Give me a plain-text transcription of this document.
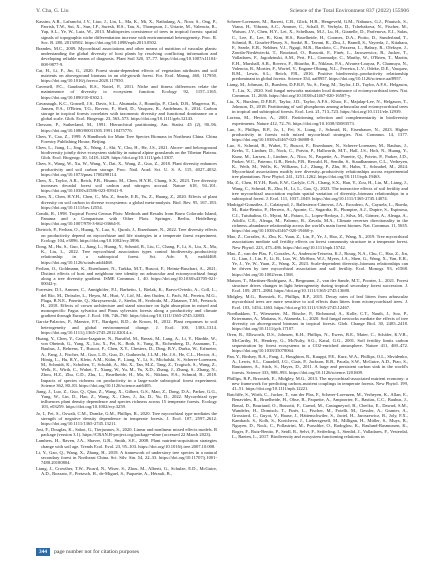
Y. Cha, G. Liu	Science of the Total Environment 837 (2022) 155906

Kassim, A.R., Lafranchi, J.V., Liao, J., Lin, L., Ma, K., Mi, X., Nathalang, A., Noor, S., Ong, P., Parrish, T.W., Sui, X., Sun, I.F., Suresh, H.S., Tan, S., Thompson, J., Uriarte, M., Valencia, R., Yap, S.L., Ye, W., Lutz, W., 2013. Multispecies coexistence of trees in tropical forests: spatial signals of topographic niche differentiation increase with environmental heterogeneity. Proc. R. Soc. B. 280, 20130502. https://doi.org/10.1098/rspb.2013.0502.

Brandes, M.C., 2009. Mycorrhizal associations and other means of nutrition of vascular plants: understanding the global diversity of host plants by resolving conflicting information and developing reliable means of diagnosis. Plant Soil 320, 37–77. https://doi.org/10.1007/s11104-008-9877-9.

Cai, H., Li, F., Jin, G., 2020. Forest strata-dependent effects of vegetation attributes and soil nutrients on aboveground biomass in an old-growth forest. For. Ecol. Manag. 460, 117950. https://doi.org/10.1016/j.foreco.2020.117950.

Cavenell, P.C., Gaudrault, R.S., Nottel, P., 2011. Niche and fitness differences relate the maintenance of diversity to ecosystem function. Ecology 92, 1157–1165. https://doi.org/10.1890/10-0302.1.

Cavanaugh, K.C., Gosnell, J.S., Davis, S.L., Ahumada, J., Boundja, P., Clark, D.B., Mugerwa, B., Jansen, P.A., O'Brien, T.G., Rovero, F., Sheil, D., Vasquez, R., Andelman, S., 2014. Carbon storage in tropical forests correlates with taxonomic diversity and functional dominance on a global scale. Glob. Ecol. Biogeogr. 23, 563–573. https://doi.org/10.1111/geb.12143.

Chesson, P., Sutherland, M., 1991. Hierarchical partitioning. Am. Statist. 45 (2), 90–96. https://doi.org/10.1080/00031305.1991.10475776.

Chen, Y., Cao, Z., 1999. A Handbook for Main Tree Species Biomass in Northeast China. China Forestry Publishing House, Beijing.

Chen, L., Jiang, L., Jing, X., Wang, J., Shi, Y., Chu, H., He, J.S., 2021. Above- and belowground biodiversity jointly drive ecosystem stability in natural alpine grasslands on the Tibetan Plateau. Glob. Ecol. Biogeogr. 30, 1418–1429. https://doi.org/10.1111/geb.13307.

Chen, S., Wang, W., Xu, W., Wang, Y., Dai, X., Wang, Z., Guo, Z., 2018. Plant diversity enhances productivity and soil carbon storage. Proc. Natl. Acad. Sci. U. S. A. 115, 4027–4032. https://doi.org/10.1073/pnas.1700298114.

Chen, X., Taylor, A.R., Reich, P.B., Hisano, M., Chen, H.Y.H., Chang, S.X., 2023. Tree diversity increases decadal forest soil carbon and nitrogen accrual. Nature 618, 94–101. https://doi.org/10.1038/s41586-023-05941-9.

Chen, X., Chen, H.Y.H., Chen, C., Ma, Z., Searle, E.B., Yu, Z., Huang, Z., 2020. Effects of plant diversity on soil carbon in diverse ecosystems: a global meta-analysis. Biol. Rev. 95, 167–183. https://doi.org/10.1111/brv.12554.

Condit, R., 1998. Tropical Forest Census Plots: Methods and Results from Barro Colorado Island, Panama and a Comparison with Other Plots. Springer, Berlin, Heidelberg. https://doi.org/10.1007/978-3-662-03664-8.

Dietrich, P., Ferlian, O., Huang, Y., Luo, S., Quosh, J., Eisenhauer, N., 2022. Tree diversity effects on productivity depend on mycorrhizae and life strategies in a temperate forest experiment. Ecology 104, e3896. https://doi.org/10.1002/ecy.3896.

Dong, M., Hu, S., Guo, L., Jiang, L., Huang, Y., Schmid, B., Liu, C., Chang, F., Li, S., Liu, X., Ma, K., Liu, L., 2022. Tree mycorrhizal association types control biodiversity–productivity relationship in a subtropical forest. Sci. Adv. 9, eadd4468. https://doi.org/10.1126/sciadv.add4468.

Ferlian, O., Goldmann, K., Eisenhauer, N., Tarkka, M.T., Buscot, F., Heintz-Buschart, A., 2021. Distinct effects of host and neighbour tree identity on arbuscular and ectomycorrhizal fungi along a tree diversity gradient. ISME Commun. 1, 40. https://doi.org/10.1038/s43705-021-00042-y.

Forrester, D.I., Ammer, C., Annighöfer, P.J., Barbeito, I., Bielak, K., Bravo-Oviedo, A., Coll, L., del Río, M., Drössler, L., Heym, M., Hurt, V., Löf, M., den Ouden, J., Pach, M., Pereira, M.G., Plaga, B.N.E., Ponette, Q., Skrzyszewski, J., Sterba, H., Svoboda, M., Zlatanov, T.M., Pretzsch, H., 2018. Effects of crown architecture and stand structure on light absorption in mixed and monospecific Fagus sylvatica and Pinus sylvestris forests along a productivity and climate gradient through Europe. J. Ecol. 106, 746–760. https://doi.org/10.1111/1365-2745.12803.

García-Palacios, P., Maestre, F.T., Bardgett, R.D., de Kroon, H., 2012. Plant responses to soil heterogeneity and global environmental change. J. Ecol. 100, 1303–1314. https://doi.org/10.1111/j.1365-2745.2012.02014.x.

Huang, Y., Chen, Y., Castro-Izaguirre, N., Baruffol, M., Brezzi, M., Lang, A., Li, Y., Härdtle, W., von Oheimb, G., Yang, X., Liu, X., Pei, K., Both, S., Yang, B., Eichenberg, D., Assmann, T., Bauhus, J., Behrens, T., Buscot, F., Chen, X.Y., Chesters, D., Ding, B.Y., Durka, W., Erfmeier, A., Fang, J., Fischer, M., Guo, L.D., Guo, D., Gutknecht, J.L.M., He, J.S., He, C.L., Hector, A., Hönig, L., Hu, R.Y., Klein, A.M., Kühn, P., Liang, Y., Li, S., Michalski, S., Scherer-Lorenzen, M., Schmidt, K., Scholten, T., Schuldt, A., Shi, X., Tan, M.Z., Tang, Z., Trogisch, S., Wang, Z., Welk, E., Wirth, C., Wubet, T., Xiang, W., Yu, M., Yu, X.D., Zhang, J., Zhang, S., Zhang, N., Zhou, H.Z., Zhu, C.D., Zhu, L., Bruelheide, H., Ma, K., Niklaus, P.A., Schmid, B., 2018. Impacts of species richness on productivity in a large-scale subtropical forest experiment. Science 362, 80–83. https://doi.org/10.1126/science.aat6405.

Jiang, J., Luo, Z., Guo, Q., Qiao, Z., Wang, X., Gilbert, G.S., Mao, Z., Dong, D.A., Parker, G.G., Yang, W., Lin, D., Hao, Z., Wang, X., Chen, J., Jia, D., Yu, D., 2022. Mycorrhizal type influences plant density dependence and species richness across 15 temperate forests. Ecology 103, e03259. https://doi.org/10.1002/ecy.3259.

Jo, I., Fei, S., Oswalt, C.M., Domke, G.M., Phillips, R., 2020. Tree mycorrhizal type mediates the strength of negative density dependence in temperate forests. J. Ecol. 107, 2597–2612. https://doi.org/10.1111/1365-2745.13211.

Jost, F., Douglas, K., Sabot, G., Tierjunnov, S., 2020. Linear and nonlinear mixed effects models. R package (version 3.1). https://CRAN.R-project.org/package=nlme (accessed 22 March 2023).

Lambers, H., Raven, J.A., Shaver, G.R., Smith, S.E., 2008. Plant nutrient-acquisition strategies change with soil age. Trends Ecol. Evol. 23, 95–103. https://doi.org/10.1016/j.tree.2007.10.008.

Li, Y., Gao, Q., Wang, X., Zhang, H., 2018. A framework of understory tree species in a natural secondary forest in Northeast China. Sci. Silv. Sin. 54, 22–33. https://doi.org/10.11707/j.1001-7488.20180804.

Liang, J., Crowther, T.W., Picard, N., Wiser, S., Zhou, M., Alberti, G., Schulze, E.D., McGuire, A.D., Bozzato, F., Pretzsch, H., de-Miguel, S., Paquette, A., Hérault, B.,

Scherer-Lorenzen, M., Barrett, C.B., Glick, H.B., Hengeveld, G.M., Nabuurs, G.J., Pfautsch, S., Viana, H., Vibrans, A.C., Ammer, C., Schall, P., Verbyla, D., Tchebakova, N., Fischer, M., Watson, J.V., Chen, H.Y., Lei, X., Schelhaas, M.J., Lu, H., Gianelle, D., Parfenova, E.I., Salas, C., Lee, E., Lee, B., Kim, H.S., Bruelheide, H., Coomes, D.A., Piotto, D., Sunderland, T., Schmid, B., Gourlet-Fleury, S., Sonké, B., Tavani, R., Zhu, J., Brandl, S., Vayreda, J., Kitahara, F., Searle, E.B., Neldner, V.J., Ngugi, M.R., Baraloto, C., Frizzera, L., Bałazy, R., Oleksyn, J., Zawiła-Niedźwiecki, T., Bouriaud, O., Bussotti, F., Finér, L., Jaroszewicz, B., Jucker, T., Valladares, F., Jagodzinski, A.M., Peri, P.L., Gonmadje, C., Marthy, W., O'Brien, T., Martin, E.H., Marshall, A.R., Rovero, F., Bitariho, R., Niklaus, P.A., Alvarez-Loayza, P., Chamuya, N., Valencia, R., Mortier, F., Wortel, V., Engone-Obiang, N.L., Ferreira, L.V., Odeke, D.E., Vasquez, R.M., Lewis, S.L., Reich, P.B., 2016. Positive biodiversity–productivity relationship predominant in global forests. Science 354, aaf8957. https://doi.org/10.1126/science.aaf8957.

Liang, M., Johnson, D., Burslem, D.F.R.P., Yu, S., Fang, M., Taylor, J.D., Taylor, A.F.S., Helgason, T., Liu, X., 2020. Soil fungal networks maintain local dominance of ectomycorrhizal trees. Nat. Commun. 11, 2636. https://doi.org/10.1038/s41467-020-16507-y.

Liu, X., Burslem, D.F.R.P., Taylor, J.D., Taylor, A.F.S., Khoo, E., Majalap-Lee, N., Helgason, T., Johnson, D., 2018. Partitioning of soil phosphorus among arbuscular and ectomycorrhizal trees in tropical and subtropical forests. Ecol. Lett. 21, 713–723. https://doi.org/10.1111/ele.12939.

Loreau, M., Hector, A., 2001. Partitioning selection and complementarity in biodiversity experiments. Nature 412, 72–76. https://doi.org/10.1038/35083573.

Luo, S., Phillips, R.P., Jo, I., Fei, S., Liang, J., Schmid, B., Eisenhauer, N., 2023. Higher productivity in forests with mixed mycorrhizal strategies. Nat. Commun. 14, 1377. https://doi.org/10.1038/s41467-023-36888-0.

Luo, S., Schmid, B., Wubet, T., Buscot, F., Eisenhauer, N., Scherer-Lorenzen, M., Bauhus, J., Krebs, T., Lindner, D., Nock, C., Potvin, P., Hallworth, M.T., Hall, J.S., Hoft, N., Huang, Y., Kunz, M., Larsen, J., Lindner, A., Nico, N., Paquette, A., Ponette, Q., Potvin, P., Parker, J.D., Parker, W.C., Paterno, G.B., Reich, P.B., Rewald, B., Sendín, S., Staudhammer, C.L., Verheyen, K., Weih, M., Wells, K., Williams, L.J., Zhang, P., Zhu, H., Hahn, T., Schnabel, M., 2024. Mycorrhizal associations modify tree diversity–productivity relationships across experimental tree plantations. New Phytol. 241, 1251–1262. https://doi.org/10.1111/nph.19463.

Ma, Z., Chen, H.Y.H., Bork, E.W., Carlyle, C.N., Chang, S.X., Han, Y., Zou, H., Liu, M., Liang, J., Wang, C., Schmid, B., Zhu, H., Li, L., Gao, Q., 2023. The interactive effects of soil fertility and tree mycorrhizal association explain spatial variation of diversity–biomass relationships in a subtropical forest. J. Ecol. 111, 1037–1049. https://doi.org/10.1111/1365-2745.14074.

Madrigal-González, J., Calatayud, J., Ballesteros-Cánovas, J.A., Escudero, A., Cayuela, L., Rueda, M., Ruiz-Benito, P., Herrero, A., Aponte, C., Sagardia, R., Plumptre, A.J., Dupire, S., Espinosa, C.I., Tutubalina, O., Myint, M., Pataro, L., Lopez-Bedoya, J., Silva, M., Gómez, A., Aleaga, A., Adolfo, C.E., Aleaga, M., Palomo, R., Zavala, M.A., Climate reverses directionality in the richness–abundance relationship across the world's main forest biomes. Nat. Commun. 11, 5635. https://doi.org/10.1038/s41467-020-19460-y.

Mao, Z., Corrales, A., Zhu, K., Yuan, Z., Lin, F., Ye, J., Hao, Z., Wang, X., 2019. Tree mycorrhizal associations mediate soil fertility effects on forest community structure in a temperate forest. New Phytol. 223, 475–486. https://doi.org/10.1111/nph.15742.

Mao, Z., van der Plas, F., Corrales, A., Anderson-Teixeira, K.J., Bourg, N.A., Chu, C., Hao, Z., Jin, G., Lian, J., Lin, F., Li, B., Luo, W., McShea, W.J., Myers, J.A., Shen, G., Wang, X., Yan, E.R., Ye, J., Ye, W., Yuan, Z., Wang, X., 2023. Scale-dependent diversity–biomass relationships can be driven by tree mycorrhizal association and soil fertility. Ecol. Monogr. 93, e1568. https://doi.org/10.1002/ecm.1568.

Matson, T., Martínez-Rodríguez, A., Bergmann, J., van der Sande, M.T., Poorter, L., 2021. Forest structure drives changes in light heterogeneity during tropical secondary forest succession. J. Ecol. 109, 2871–2884. https://doi.org/10.1111/1365-2745.13680.

Midgley, M.G., Brzostek, E., Phillips, R.P., 2015. Decay rates of leaf litters from arbuscular mycorrhizal trees are more sensitive to soil effects than litters from ectomycorrhizal trees. J. Ecol. 103, 1454–1463. https://doi.org/10.1111/1365-2745.12467.

Nordbakken, T., Wiesmeier, M., Bösche, P., Richmond, A., Kolle, C.T., Nauth, J., Soo, P., Kriermann, A., Mattana, S., Alameda, L., 2020. Soil fungal networks mediate the effects of tree diversity on aboveground biomass in tropical forests. Glob. Change Biol. 30, 2405–2418. https://doi.org/10.1111/gcb.17107.

Oren, R., Ellsworth, D.S., Johnsen, K.H., Phillips, N., Ewers, B.E., Maier, C., Schäfer, K.V.R., McCarthy, H., Hendrey, G., McNulty, S.G., Katul, G.G., 2001. Soil fertility limits carbon sequestration by forest ecosystems in a CO2-enriched atmosphere. Nature 411, 469–472. https://doi.org/10.1038/35078064.

Pan, Y., Birdsey, R.A., Fang, J., Houghton, R., Kauppi, P.E., Kurz, W.A., Phillips, O.L., Shvidenko, A., Lewis, S.L., Canadell, J.G., Ciais, P., Jackson, R.B., Pacala, S.W., McGuire, A.D., Piao, S., Rautiainen, A., Sitch, S., Hayes, D., 2011. A large and persistent carbon sink in the world's forests. Science 333, 988–993. https://doi.org/10.1126/science.1201609.

Phillips, R.P., Brzostek, E., Midgley, M.G., 2013. The mycorrhizal-associated nutrient economy: a new framework for predicting carbon–nutrient couplings in temperate forests. New Phytol. 199, 41–51. https://doi.org/10.1111/nph.12221.

Ratcliffe, S., Wirth, C., Jucker, T., van der Plas, F., Scherer-Lorenzen, M., Verheyen, K., Allan, E., Benavides, R., Bruelheide, H., Ohse, B., Paquette, A., Ampoorter, E., Bastias, C.C., Bauhus, J., Bonal, D., Bouriaud, O., Bussotti, F., Carnol, M., Castagneyrol, B., Chećko, E., Dawud, S.M., Wandeler, H., Domisch, T., Finér, L., Fischer, M., Fotelli, M., Gessler, A., Granier, A., Grossiord, C., Guyot, V., Haase, J., Hättenschwiler, S., Jactel, H., Jaroszewicz, B., Joly, F.X., Kambach, S., Kolb, S., Koricheva, J., Liebersgesell, M., Milligan, H., Müller, S., Muys, B., Nguyen, D., Nock, C., Pollastrini, M., Purschke, O., Radoglou, K., Raulund-Rasmussen, K., Roger, F., Ruiz-Benito, P., Seidl, R., Selvi, F., Seiferling, I., Stenlid, J., Valladares, F., Vesterdal, L., Baeten, L., 2017. Biodiversity and ecosystem functioning relations in

344	page number not for citation purposes
